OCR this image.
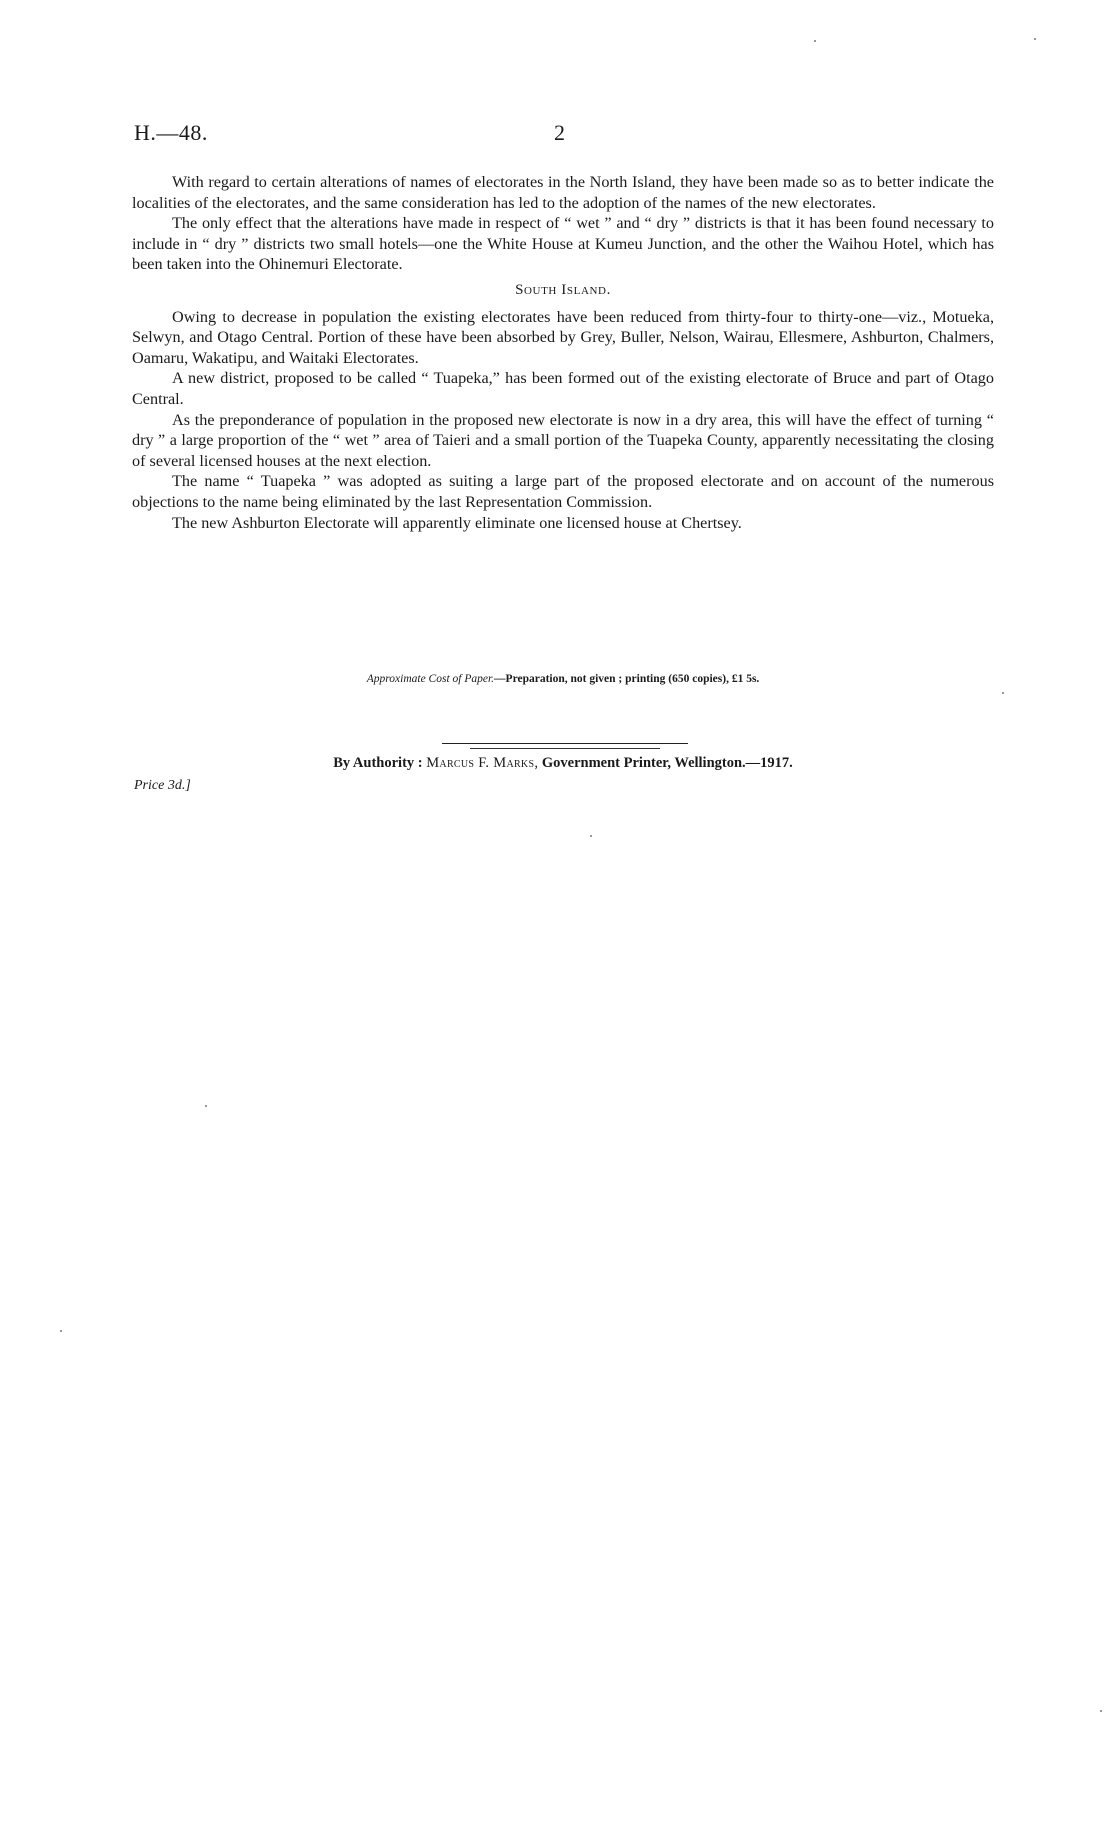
H.—48.	2

With regard to certain alterations of names of electorates in the North Island, they have been made so as to better indicate the localities of the electorates, and the same consideration has led to the adoption of the names of the new electorates.

The only effect that the alterations have made in respect of “ wet ” and “ dry ” districts is that it has been found necessary to include in “ dry ” districts two small hotels—one the White House at Kumeu Junction, and the other the Waihou Hotel, which has been taken into the Ohinemuri Electorate.

South Island.

Owing to decrease in population the existing electorates have been reduced from thirty-four to thirty-one—viz., Motueka, Selwyn, and Otago Central. Portion of these have been absorbed by Grey, Buller, Nelson, Wairau, Ellesmere, Ashburton, Chalmers, Oamaru, Wakatipu, and Waitaki Electorates.

A new district, proposed to be called “ Tuapeka,” has been formed out of the existing electorate of Bruce and part of Otago Central.

As the preponderance of population in the proposed new electorate is now in a dry area, this will have the effect of turning “ dry ” a large proportion of the “ wet ” area of Taieri and a small portion of the Tuapeka County, apparently necessitating the closing of several licensed houses at the next election.

The name “ Tuapeka ” was adopted as suiting a large part of the proposed electorate and on account of the numerous objections to the name being eliminated by the last Representation Commission.

The new Ashburton Electorate will apparently eliminate one licensed house at Chertsey.

Approximate Cost of Paper.—Preparation, not given ; printing (650 copies), £1 5s.
By Authority : Marcus F. Marks, Government Printer, Wellington.—1917.
Price 3d.]
